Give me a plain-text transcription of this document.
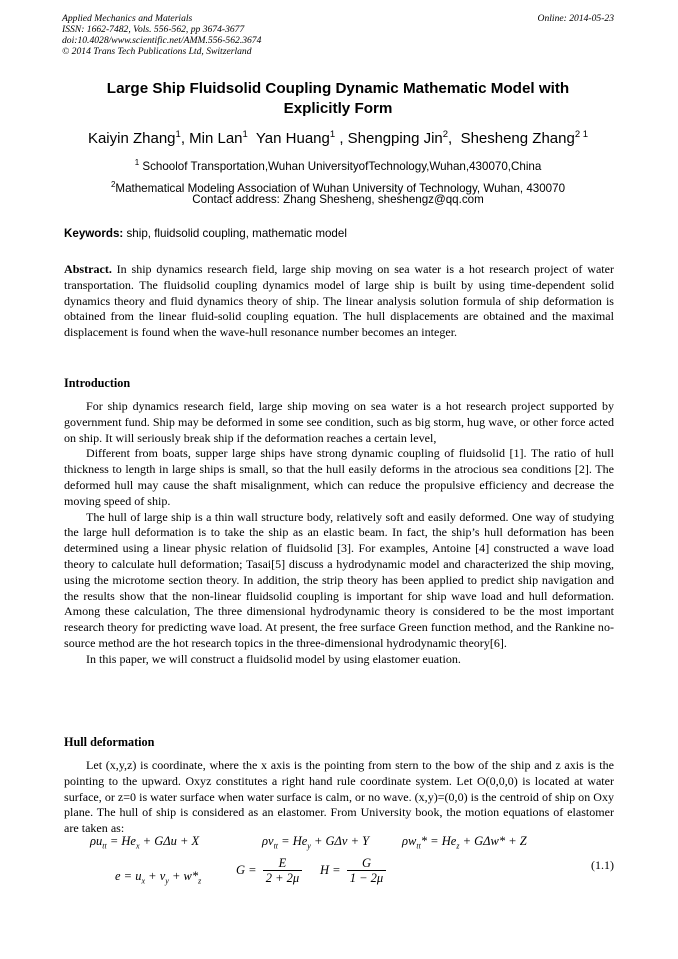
Applied Mechanics and Materials
ISSN: 1662-7482, Vols. 556-562, pp 3674-3677
doi:10.4028/www.scientific.net/AMM.556-562.3674
© 2014 Trans Tech Publications Ltd, Switzerland
Online: 2014-05-23
Large Ship Fluidsolid Coupling Dynamic Mathematic Model with
Explicitly Form
Kaiyin Zhang$^1$, Min Lan$^1$ Yan Huang$^1$ , Shengping Jin$^2$,  Shesheng Zhang$^{2 1}$
$^1$ Schoolof Transportation,Wuhan UniversityofTechnology,Wuhan,430070,China
$^2$Mathematical Modeling Association of Wuhan University of Technology, Wuhan, 430070
Contact address: Zhang Shesheng, sheshengz@qq.com
Keywords: ship, fluidsolid coupling, mathematic model

Abstract. In ship dynamics research field, large ship moving on sea water is a hot research project of water transportation. The fluidsolid coupling dynamics model of large ship is built by using time-dependent solid dynamics theory and fluid dynamics theory of ship. The linear analysis solution formula of ship deformation is obtained from the linear fluid-solid coupling equation. The hull displacements are obtained and the maximal displacement is found when the wave-hull resonance number becomes an integer.

Introduction

For ship dynamics research field, large ship moving on sea water is a hot research project supported by government fund. Ship may be deformed in some see condition, such as big storm, hug wave, or other force acted on ship. It will seriously break ship if the deformation reaches a certain level,

Different from boats, supper large ships have strong dynamic coupling of fluidsolid [1]. The ratio of hull thickness to length in large ships is small, so that the hull easily deforms in the atrocious sea conditions [2]. The deformed hull may cause the shaft misalignment, which can reduce the propulsive efficiency and decrease the moving speed of ship.

The hull of large ship is a thin wall structure body, relatively soft and easily deformed. One way of studying the large hull deformation is to take the ship as an elastic beam. In fact, the ship’s hull deformation has been determined using a linear physic relation of fluidsolid [3]. For examples, Antoine [4] constructed a wave load theory to calculate hull deformation; Tasai[5] discuss a hydrodynamic model and characterized the ship moving, using the microtome section theory. In addition, the strip theory has been applied to predict ship navigation and the results show that the non-linear fluidsolid coupling is important for ship wave load and hull deformation. Among these calculation, The three dimensional hydrodynamic theory is considered to be the most important research theory for predicting wave load. At present, the free surface Green function method, and the Rankine no-source method are the hot research topics in the three-dimensional hydrodynamic theory[6].

In this paper, we will construct a fluidsolid model by using elastomer euation.

Hull deformation

Let (x,y,z) is coordinate, where the x axis is the pointing from stern to the bow of the ship and z axis is the pointing to the upward. Oxyz constitutes a right hand rule coordinate system. Let O(0,0,0) is located at water surface, or z=0 is water surface when water surface is calm, or no wave. (x,y)=(0,0) is the centroid of ship on Oxy plane. The hull of ship is considered as an elastomer. From University book, the motion equations of elastomer are taken as:

$\rho u_{tt} = He_x + G\Delta u + X$	$\rho v_{tt} = He_y + G\Delta v + Y$	$\rho w_{tt}* = He_z + G\Delta w* + Z$
$e = u_x + v_y + w*_z$
$G = \frac{E}{2 + 2\mu}$ $H = \frac{G}{1 - 2\mu}$	(1.1)
